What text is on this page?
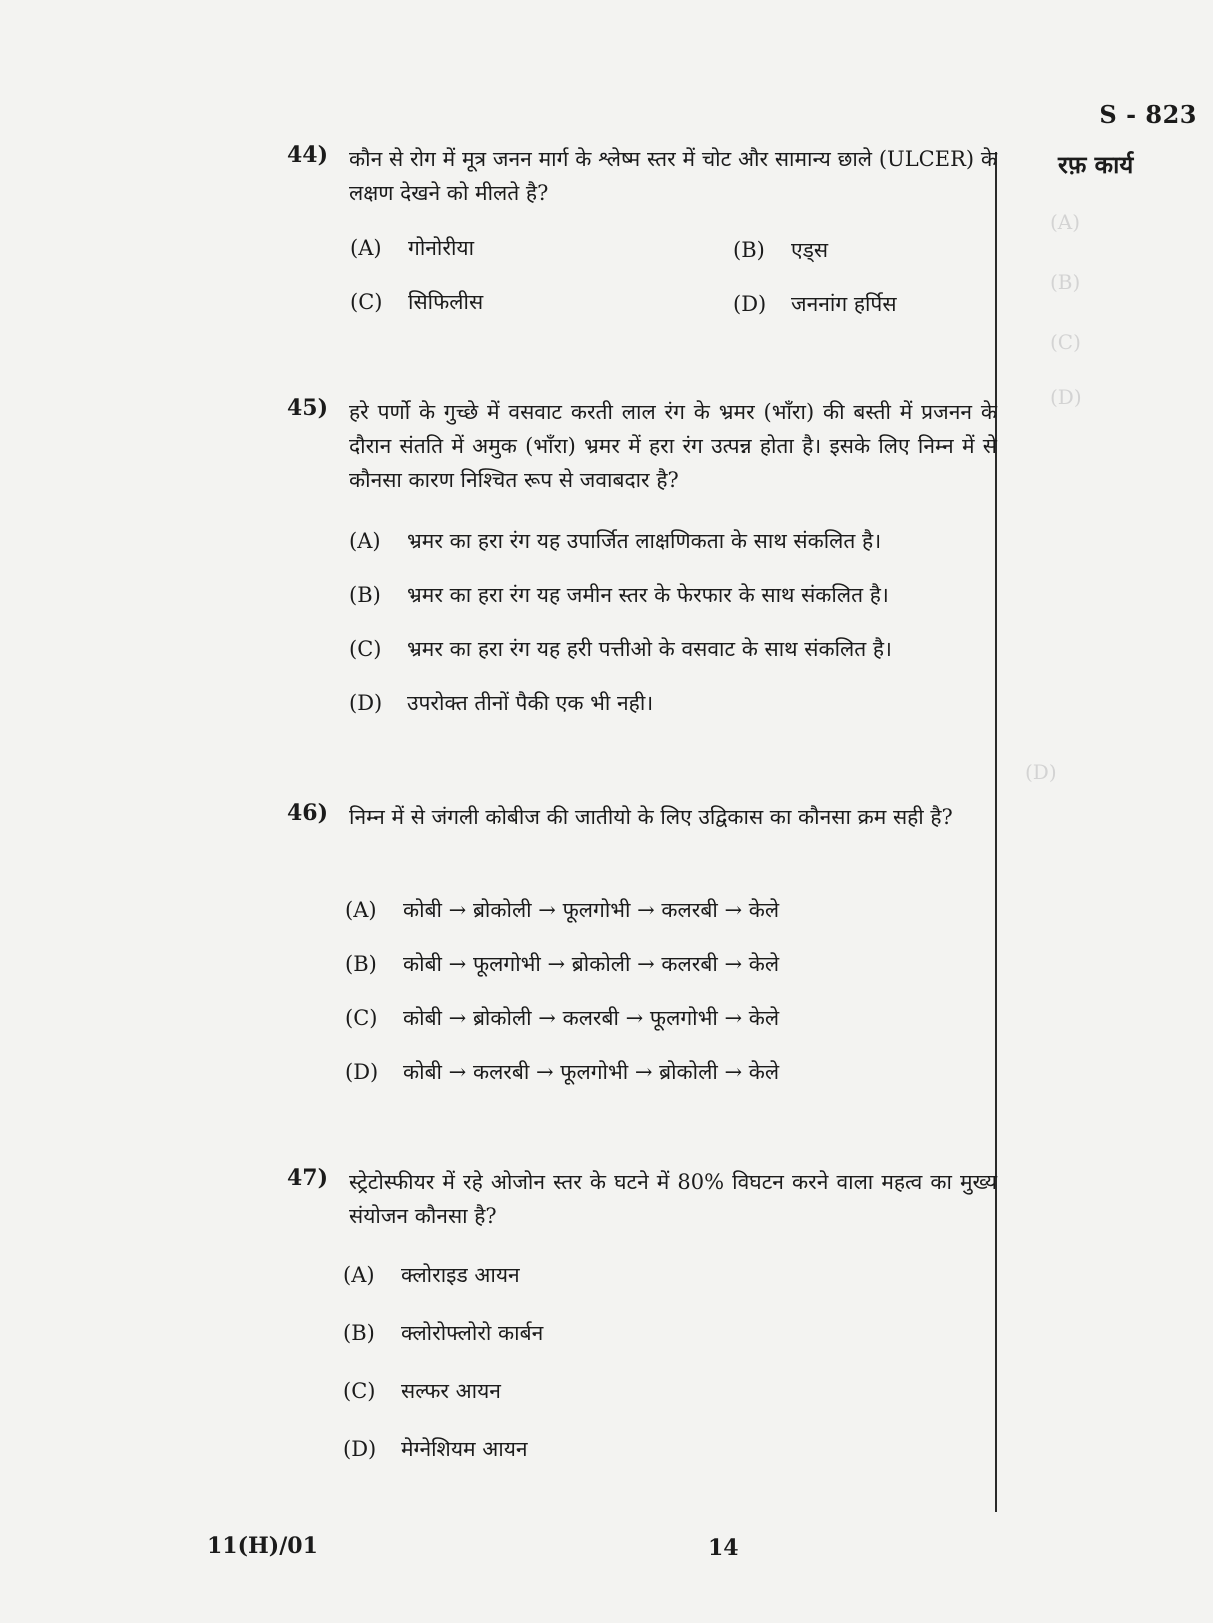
(A)
(B)
(C)
(D)
(D)
S - 823
रफ़ कार्य
44) कौन से रोग में मूत्र जनन मार्ग के श्लेष्म स्तर में चोट और सामान्य छाले (ULCER) के लक्षण देखने को मीलते है?
(A) गोनोरीया	(B) एड्स
(C) सिफिलीस	(D) जननांग हर्पिस
45) हरे पर्णो के गुच्छे में वसवाट करती लाल रंग के भ्रमर (भाँरा) की बस्ती में प्रजनन के दौरान संतति में अमुक (भाँरा) भ्रमर में हरा रंग उत्पन्न होता है। इसके लिए निम्न में से कौनसा कारण निश्चित रूप से जवाबदार है?
(A) भ्रमर का हरा रंग यह उपार्जित लाक्षणिकता के साथ संकलित है।
(B) भ्रमर का हरा रंग यह जमीन स्तर के फेरफार के साथ संकलित है।
(C) भ्रमर का हरा रंग यह हरी पत्तीओ के वसवाट के साथ संकलित है।
(D) उपरोक्त तीनों पैकी एक भी नही।
46) निम्न में से जंगली कोबीज की जातीयो के लिए उद्विकास का कौनसा क्रम सही है?
(A) कोबी → ब्रोकोली → फूलगोभी → कलरबी → केले
(B) कोबी → फूलगोभी → ब्रोकोली → कलरबी → केले
(C) कोबी → ब्रोकोली → कलरबी → फूलगोभी → केले
(D) कोबी → कलरबी → फूलगोभी → ब्रोकोली → केले
47) स्ट्रेटोस्फीयर में रहे ओजोन स्तर के घटने में 80% विघटन करने वाला महत्व का मुख्य संयोजन कौनसा है?
(A) क्लोराइड आयन
(B) क्लोरोफ्लोरो कार्बन
(C) सल्फर आयन
(D) मेग्नेशियम आयन
11(H)/01	14
